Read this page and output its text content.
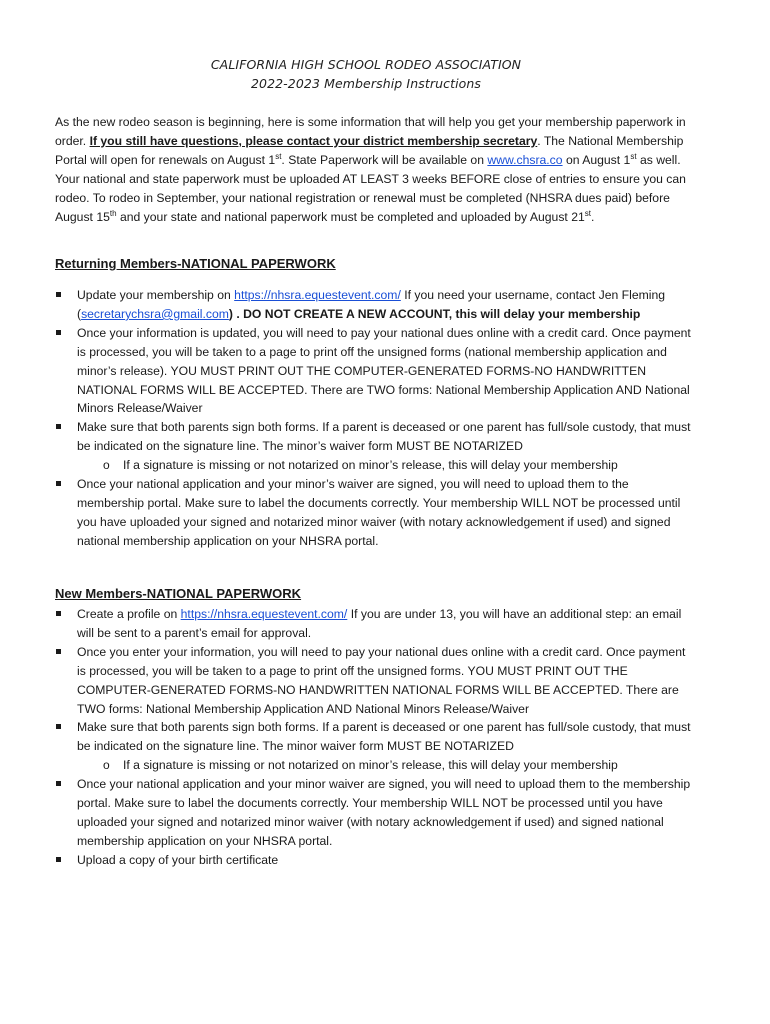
CALIFORNIA HIGH SCHOOL RODEO ASSOCIATION
2022-2023 Membership Instructions
As the new rodeo season is beginning, here is some information that will help you get your membership paperwork in order. If you still have questions, please contact your district membership secretary. The National Membership Portal will open for renewals on August 1st. State Paperwork will be available on www.chsra.co on August 1st as well. Your national and state paperwork must be uploaded AT LEAST 3 weeks BEFORE close of entries to ensure you can rodeo. To rodeo in September, your national registration or renewal must be completed (NHSRA dues paid) before August 15th and your state and national paperwork must be completed and uploaded by August 21st.
Returning Members-NATIONAL PAPERWORK
Update your membership on https://nhsra.equestevent.com/ If you need your username, contact Jen Fleming (secretarychsra@gmail.com) . DO NOT CREATE A NEW ACCOUNT, this will delay your membership
Once your information is updated, you will need to pay your national dues online with a credit card. Once payment is processed, you will be taken to a page to print off the unsigned forms (national membership application and minor’s release). YOU MUST PRINT OUT THE COMPUTER-GENERATED FORMS-NO HANDWRITTEN NATIONAL FORMS WILL BE ACCEPTED. There are TWO forms: National Membership Application AND National Minors Release/Waiver
Make sure that both parents sign both forms. If a parent is deceased or one parent has full/sole custody, that must be indicated on the signature line. The minor’s waiver form MUST BE NOTARIZED
o If a signature is missing or not notarized on minor’s release, this will delay your membership
Once your national application and your minor’s waiver are signed, you will need to upload them to the membership portal. Make sure to label the documents correctly. Your membership WILL NOT be processed until you have uploaded your signed and notarized minor waiver (with notary acknowledgement if used) and signed national membership application on your NHSRA portal.
New Members-NATIONAL PAPERWORK
Create a profile on https://nhsra.equestevent.com/ If you are under 13, you will have an additional step: an email will be sent to a parent’s email for approval.
Once you enter your information, you will need to pay your national dues online with a credit card. Once payment is processed, you will be taken to a page to print off the unsigned forms. YOU MUST PRINT OUT THE COMPUTER-GENERATED FORMS-NO HANDWRITTEN NATIONAL FORMS WILL BE ACCEPTED. There are TWO forms: National Membership Application AND National Minors Release/Waiver
Make sure that both parents sign both forms. If a parent is deceased or one parent has full/sole custody, that must be indicated on the signature line. The minor waiver form MUST BE NOTARIZED
o If a signature is missing or not notarized on minor’s release, this will delay your membership
Once your national application and your minor waiver are signed, you will need to upload them to the membership portal. Make sure to label the documents correctly. Your membership WILL NOT be processed until you have uploaded your signed and notarized minor waiver (with notary acknowledgement if used) and signed national membership application on your NHSRA portal.
Upload a copy of your birth certificate
